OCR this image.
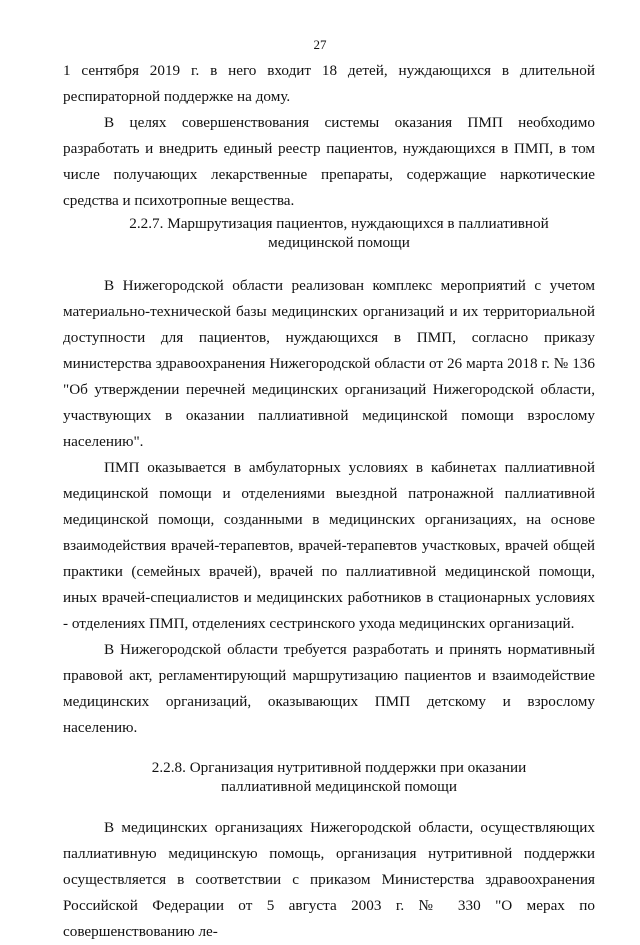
27

1 сентября 2019 г. в него входит 18 детей, нуждающихся в длительной респираторной поддержке на дому.

В целях совершенствования системы оказания ПМП необходимо разработать и внедрить единый реестр пациентов, нуждающихся в ПМП, в том числе получающих лекарственные препараты, содержащие наркотические средства и психотропные вещества.

2.2.7. Маршрутизация пациентов, нуждающихся в паллиативной
медицинской помощи

В Нижегородской области реализован комплекс мероприятий с учетом материально-технической базы медицинских организаций и их территориальной доступности для пациентов, нуждающихся в ПМП, согласно приказу министерства здравоохранения Нижегородской области от 26 марта 2018 г. № 136 "Об утверждении перечней медицинских организаций Нижегородской области, участвующих в оказании паллиативной медицинской помощи взрослому населению".

ПМП оказывается в амбулаторных условиях в кабинетах паллиативной медицинской помощи и отделениями выездной патронажной паллиативной медицинской помощи, созданными в медицинских организациях, на основе взаимодействия врачей-терапевтов, врачей-терапевтов участковых, врачей общей практики (семейных врачей), врачей по паллиативной медицинской помощи, иных врачей-специалистов и медицинских работников в стационарных условиях - отделениях ПМП, отделениях сестринского ухода медицинских организаций.

В Нижегородской области требуется разработать и принять нормативный правовой акт, регламентирующий маршрутизацию пациентов и взаимодействие медицинских организаций, оказывающих ПМП детскому и взрослому населению.

2.2.8. Организация нутритивной поддержки при оказании
паллиативной медицинской помощи

В медицинских организациях Нижегородской области, осуществляющих паллиативную медицинскую помощь, организация нутритивной поддержки осуществляется в соответствии с приказом Министерства здравоохранения Российской Федерации от 5 августа 2003 г. № 330 "О мерах по совершенствованию ле-
